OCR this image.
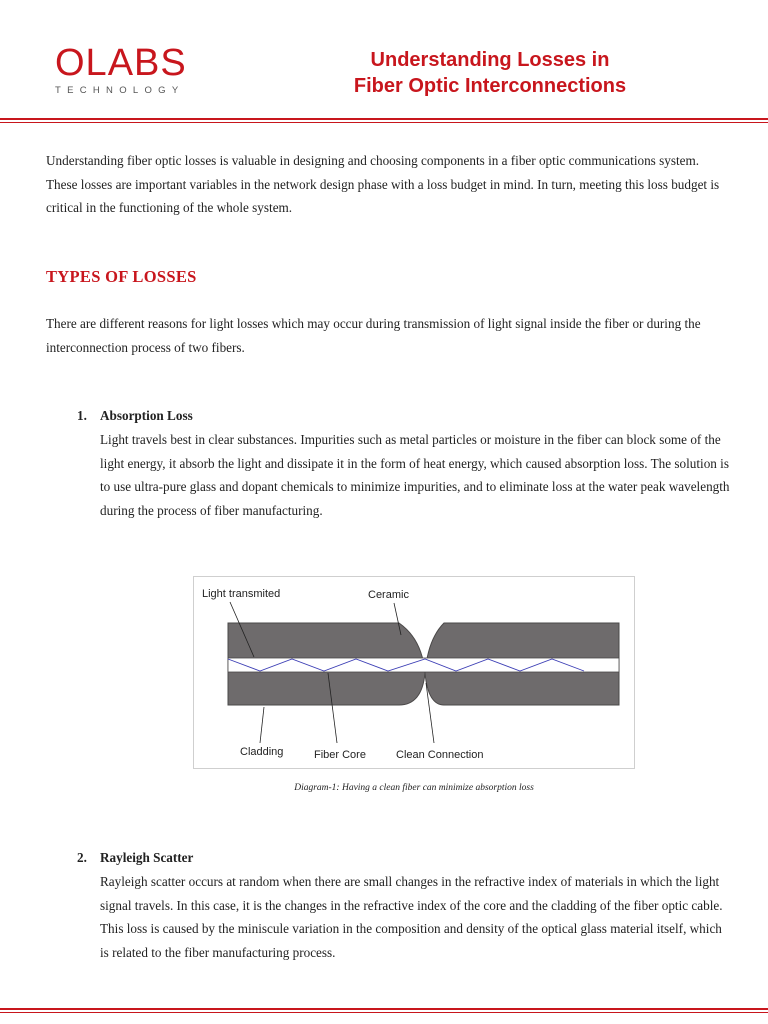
OLABS
TECHNOLOGY
Understanding Losses in
Fiber Optic Interconnections
Understanding fiber optic losses is valuable in designing and choosing components in a fiber optic communications system. These losses are important variables in the network design phase with a loss budget in mind. In turn, meeting this loss budget is critical in the functioning of the whole system.
TYPES OF LOSSES
There are different reasons for light losses which may occur during transmission of light signal inside the fiber or during the interconnection process of two fibers.
1. Absorption Loss
Light travels best in clear substances. Impurities such as metal particles or moisture in the fiber can block some of the light energy, it absorb the light and dissipate it in the form of heat energy, which caused absorption loss. The solution is to use ultra-pure glass and dopant chemicals to minimize impurities, and to eliminate loss at the water peak wavelength during the process of fiber manufacturing.
Light transmited	Ceramic
Cladding	Fiber Core	Clean Connection
Diagram-1: Having a clean fiber can minimize absorption loss
2. Rayleigh Scatter
Rayleigh scatter occurs at random when there are small changes in the refractive index of materials in which the light signal travels. In this case, it is the changes in the refractive index of the core and the cladding of the fiber optic cable. This loss is caused by the miniscule variation in the composition and density of the optical glass material itself, which is related to the fiber manufacturing process.
